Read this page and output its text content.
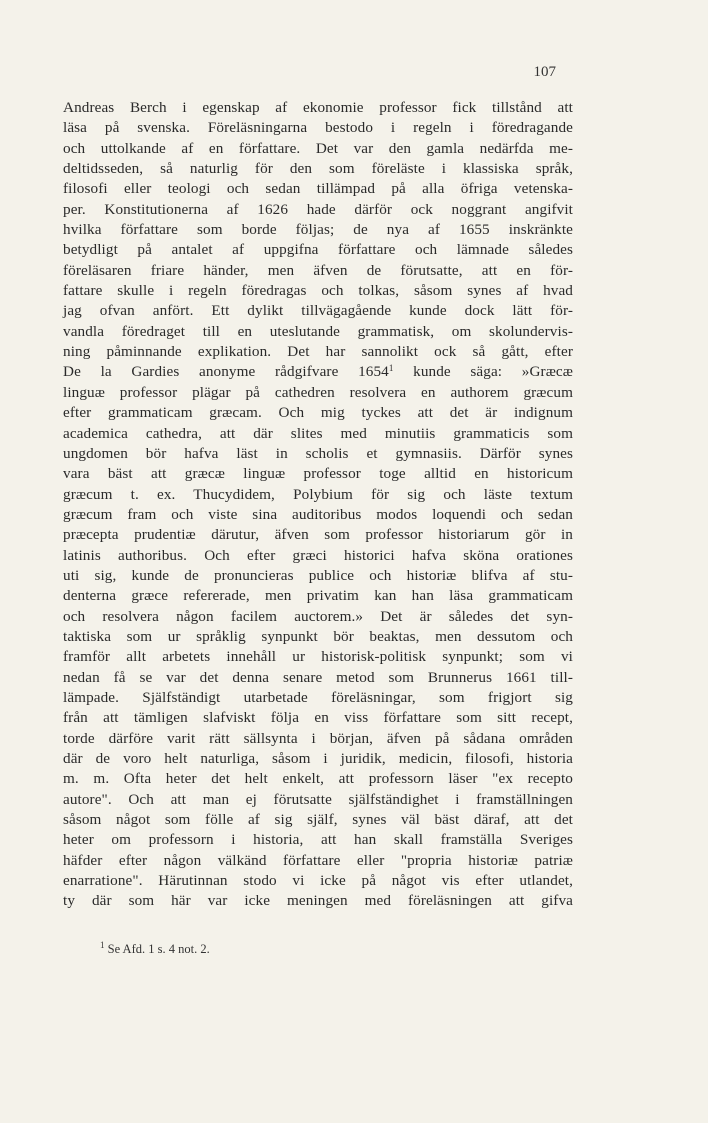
107
Andreas Berch i egenskap af ekonomie professor fick tillstånd att
läsa på svenska. Föreläsningarna bestodo i regeln i föredragande
och uttolkande af en författare. Det var den gamla nedärfda me-
deltidsseden, så naturlig för den som föreläste i klassiska språk,
filosofi eller teologi och sedan tillämpad på alla öfriga vetenska-
per. Konstitutionerna af 1626 hade därför ock noggrant angifvit
hvilka författare som borde följas; de nya af 1655 inskränkte
betydligt på antalet af uppgifna författare och lämnade således
föreläsaren friare händer, men äfven de förutsatte, att en för-
fattare skulle i regeln föredragas och tolkas, såsom synes af hvad
jag ofvan anfört. Ett dylikt tillvägagående kunde dock lätt för-
vandla föredraget till en uteslutande grammatisk, om skolundervis-
ning påminnande explikation. Det har sannolikt ock så gått, efter
De la Gardies anonyme rådgifvare 1654$^1$ kunde säga: »Græcæ
linguæ professor plägar på cathedren resolvera en authorem græcum
efter grammaticam græcam. Och mig tyckes att det är indignum
academica cathedra, att där slites med minutiis grammaticis som
ungdomen bör hafva läst in scholis et gymnasiis. Därför synes
vara bäst att græcæ linguæ professor toge alltid en historicum
græcum t. ex. Thucydidem, Polybium för sig och läste textum
græcum fram och viste sina auditoribus modos loquendi och sedan
præcepta prudentiæ därutur, äfven som professor historiarum gör in
latinis authoribus. Och efter græci historici hafva sköna orationes
uti sig, kunde de pronuncieras publice och historiæ blifva af stu-
denterna græce refererade, men privatim kan han läsa grammaticam
och resolvera någon facilem auctorem.» Det är således det syn-
taktiska som ur språklig synpunkt bör beaktas, men dessutom och
framför allt arbetets innehåll ur historisk-politisk synpunkt; som vi
nedan få se var det denna senare metod som Brunnerus 1661 till-
lämpade. Själfständigt utarbetade föreläsningar, som frigjort sig
från att tämligen slafviskt följa en viss författare som sitt recept,
torde därföre varit rätt sällsynta i början, äfven på sådana områden
där de voro helt naturliga, såsom i juridik, medicin, filosofi, historia
m. m. Ofta heter det helt enkelt, att professorn läser "ex recepto
autore". Och att man ej förutsatte själfständighet i framställningen
såsom något som fölle af sig själf, synes väl bäst däraf, att det
heter om professorn i historia, att han skall framställa Sveriges
häfder efter någon välkänd författare eller "propria historiæ patriæ
enarratione". Härutinnan stodo vi icke på något vis efter utlandet,
ty där som här var icke meningen med föreläsningen att gifva
$^1$ Se Afd. 1 s. 4 not. 2.
